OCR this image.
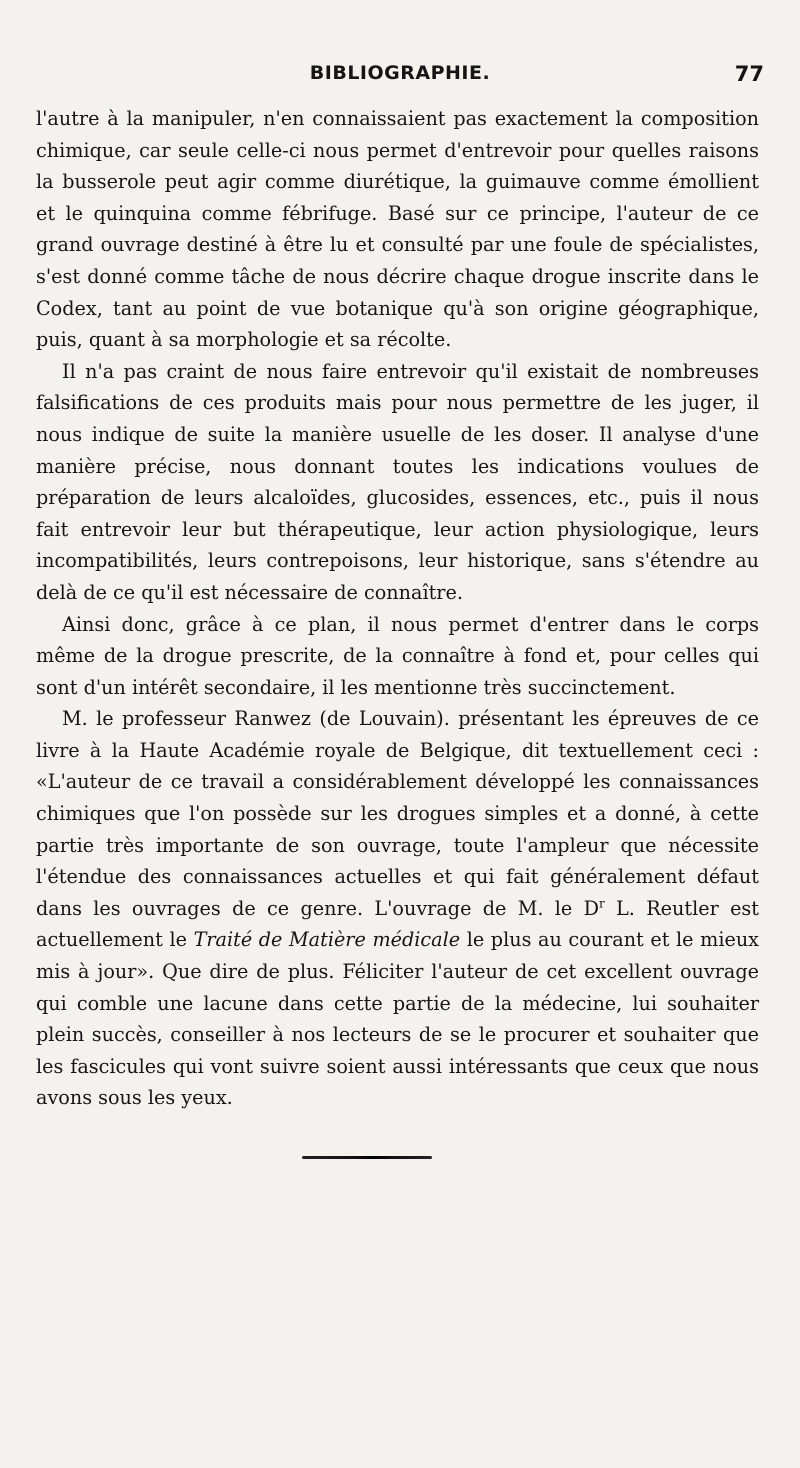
BIBLIOGRAPHIE.	77

l'autre à la manipuler, n'en connaissaient pas exactement la composition chimique, car seule celle-ci nous permet d'entrevoir pour quelles raisons la busserole peut agir comme diurétique, la guimauve comme émollient et le quinquina comme fébrifuge. Basé sur ce principe, l'auteur de ce grand ouvrage destiné à être lu et consulté par une foule de spécialistes, s'est donné comme tâche de nous décrire chaque drogue inscrite dans le Codex, tant au point de vue botanique qu'à son origine géographique, puis, quant à sa morphologie et sa récolte.

Il n'a pas craint de nous faire entrevoir qu'il existait de nombreuses falsifications de ces produits mais pour nous permettre de les juger, il nous indique de suite la manière usuelle de les doser. Il analyse d'une manière précise, nous donnant toutes les indications voulues de préparation de leurs alcaloïdes, glucosides, essences, etc., puis il nous fait entrevoir leur but thérapeutique, leur action physiologique, leurs incompatibilités, leurs contrepoisons, leur historique, sans s'étendre au delà de ce qu'il est nécessaire de connaître.

Ainsi donc, grâce à ce plan, il nous permet d'entrer dans le corps même de la drogue prescrite, de la connaître à fond et, pour celles qui sont d'un intérêt secondaire, il les mentionne très succinctement.

M. le professeur Ranwez (de Louvain). présentant les épreuves de ce livre à la Haute Académie royale de Belgique, dit textuellement ceci : «L'auteur de ce travail a considérablement développé les connaissances chimiques que l'on possède sur les drogues simples et a donné, à cette partie très importante de son ouvrage, toute l'ampleur que nécessite l'étendue des connaissances actuelles et qui fait généralement défaut dans les ouvrages de ce genre. L'ouvrage de M. le $D^r$ L. Reutler est actuellement le Traité de Matière médicale le plus au courant et le mieux mis à jour». Que dire de plus. Féliciter l'auteur de cet excellent ouvrage qui comble une lacune dans cette partie de la médecine, lui souhaiter plein succès, conseiller à nos lecteurs de se le procurer et souhaiter que les fascicules qui vont suivre soient aussi intéressants que ceux que nous avons sous les yeux.
